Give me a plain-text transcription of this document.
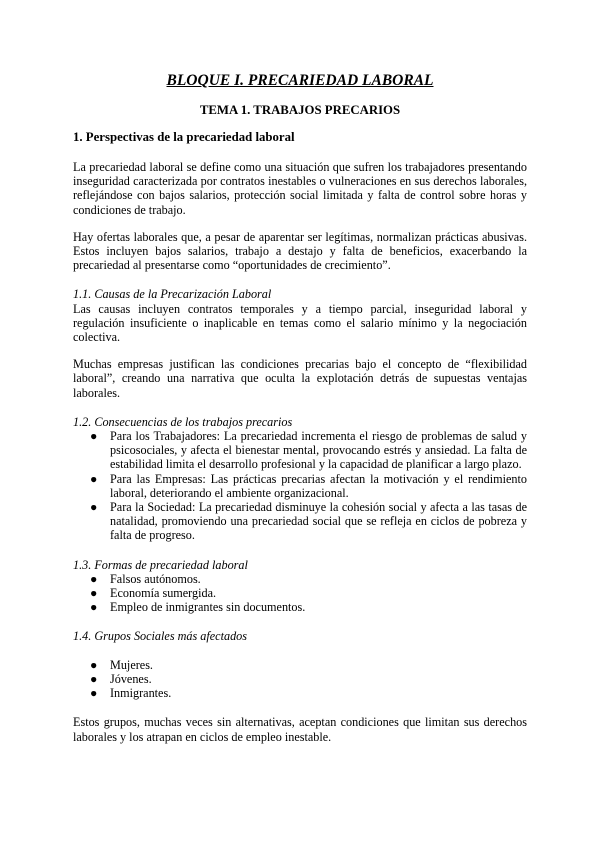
BLOQUE I. PRECARIEDAD LABORAL
TEMA 1. TRABAJOS PRECARIOS
1. Perspectivas de la precariedad laboral

La precariedad laboral se define como una situación que sufren los trabajadores presentando inseguridad caracterizada por contratos inestables o vulneraciones en sus derechos laborales, reflejándose con bajos salarios, protección social limitada y falta de control sobre horas y condiciones de trabajo.

Hay ofertas laborales que, a pesar de aparentar ser legítimas, normalizan prácticas abusivas. Estos incluyen bajos salarios, trabajo a destajo y falta de beneficios, exacerbando la precariedad al presentarse como “oportunidades de crecimiento”.

1.1. Causas de la Precarización Laboral

Las causas incluyen contratos temporales y a tiempo parcial, inseguridad laboral y regulación insuficiente o inaplicable en temas como el salario mínimo y la negociación colectiva.

Muchas empresas justifican las condiciones precarias bajo el concepto de “flexibilidad laboral”, creando una narrativa que oculta la explotación detrás de supuestas ventajas laborales.

1.2. Consecuencias de los trabajos precarios
● Para los Trabajadores: La precariedad incrementa el riesgo de problemas de salud y psicosociales, y afecta el bienestar mental, provocando estrés y ansiedad. La falta de estabilidad limita el desarrollo profesional y la capacidad de planificar a largo plazo.
● Para las Empresas: Las prácticas precarias afectan la motivación y el rendimiento laboral, deteriorando el ambiente organizacional.
● Para la Sociedad: La precariedad disminuye la cohesión social y afecta a las tasas de natalidad, promoviendo una precariedad social que se refleja en ciclos de pobreza y falta de progreso.
1.3. Formas de precariedad laboral
● Falsos autónomos.
● Economía sumergida.
● Empleo de inmigrantes sin documentos.
1.4. Grupos Sociales más afectados
● Mujeres.
● Jóvenes.
● Inmigrantes.

Estos grupos, muchas veces sin alternativas, aceptan condiciones que limitan sus derechos laborales y los atrapan en ciclos de empleo inestable.
